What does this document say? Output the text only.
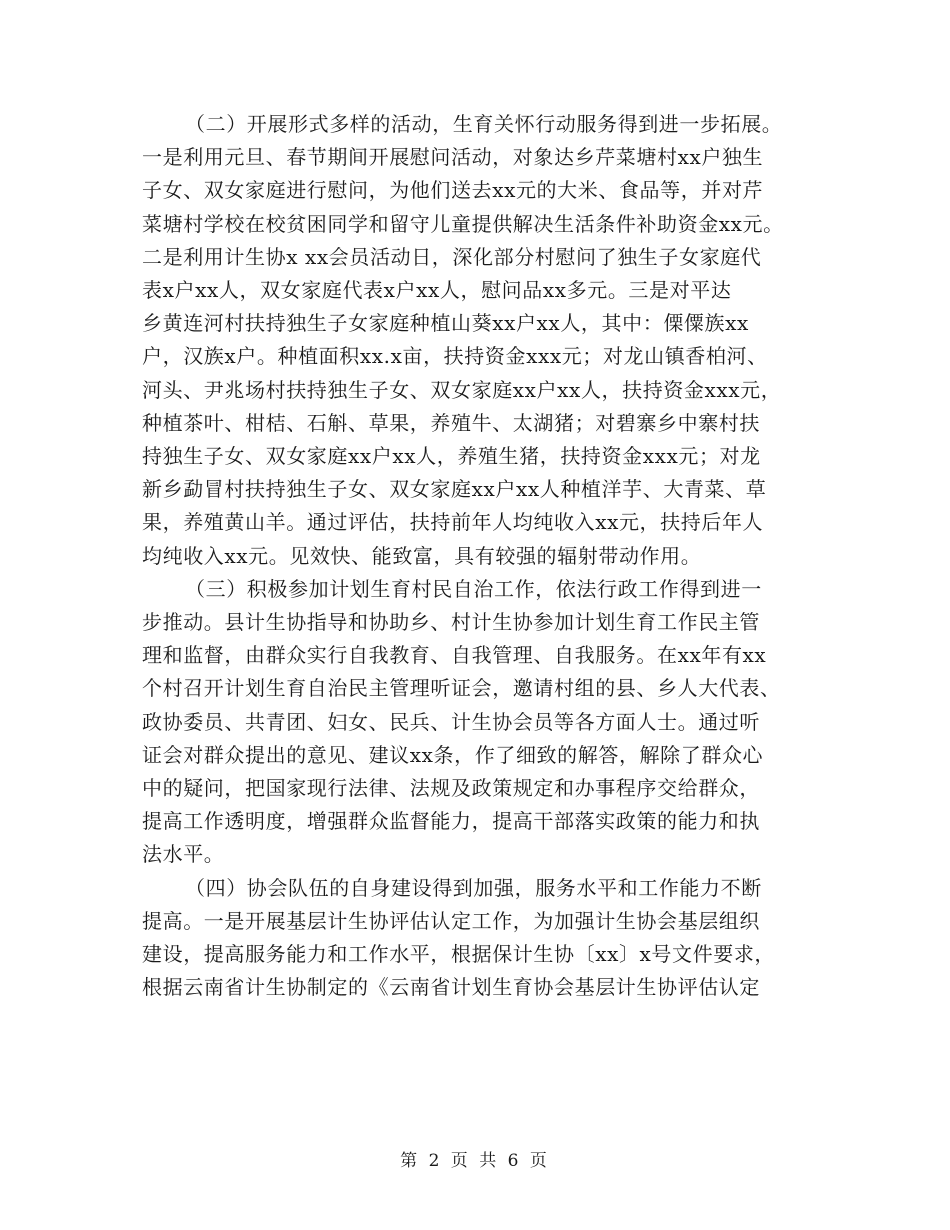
（二）开展形式多样的活动，生育关怀行动服务得到进一步拓展。
一是利用元旦、春节期间开展慰问活动，对象达乡芹菜塘村xx户独生
子女、双女家庭进行慰问，为他们送去xx元的大米、食品等，并对芹
菜塘村学校在校贫困同学和留守儿童提供解决生活条件补助资金xx元。
二是利用计生协x xx会员活动日，深化部分村慰问了独生子女家庭代
表x户xx人，双女家庭代表x户xx人，慰问品xx多元。三是对平达
乡黄连河村扶持独生子女家庭种植山葵xx户xx人，其中：傈僳族xx
户，汉族x户。种植面积xx.x亩，扶持资金xxx元；对龙山镇香柏河、
河头、尹兆场村扶持独生子女、双女家庭xx户xx人，扶持资金xxx元，
种植茶叶、柑桔、石斛、草果，养殖牛、太湖猪；对碧寨乡中寨村扶
持独生子女、双女家庭xx户xx人，养殖生猪，扶持资金xxx元；对龙
新乡勐冒村扶持独生子女、双女家庭xx户xx人种植洋芋、大青菜、草
果，养殖黄山羊。通过评估，扶持前年人均纯收入xx元，扶持后年人
均纯收入xx元。见效快、能致富，具有较强的辐射带动作用。

（三）积极参加计划生育村民自治工作，依法行政工作得到进一
步推动。县计生协指导和协助乡、村计生协参加计划生育工作民主管
理和监督，由群众实行自我教育、自我管理、自我服务。在xx年有xx
个村召开计划生育自治民主管理听证会，邀请村组的县、乡人大代表、
政协委员、共青团、妇女、民兵、计生协会员等各方面人士。通过听
证会对群众提出的意见、建议xx条，作了细致的解答，解除了群众心
中的疑问，把国家现行法律、法规及政策规定和办事程序交给群众，
提高工作透明度，增强群众监督能力，提高干部落实政策的能力和执
法水平。

（四）协会队伍的自身建设得到加强，服务水平和工作能力不断
提高。一是开展基层计生协评估认定工作，为加强计生协会基层组织
建设，提高服务能力和工作水平，根据保计生协〔xx〕x号文件要求，
根据云南省计生协制定的《云南省计划生育协会基层计生协评估认定

第 2 页 共 6 页
